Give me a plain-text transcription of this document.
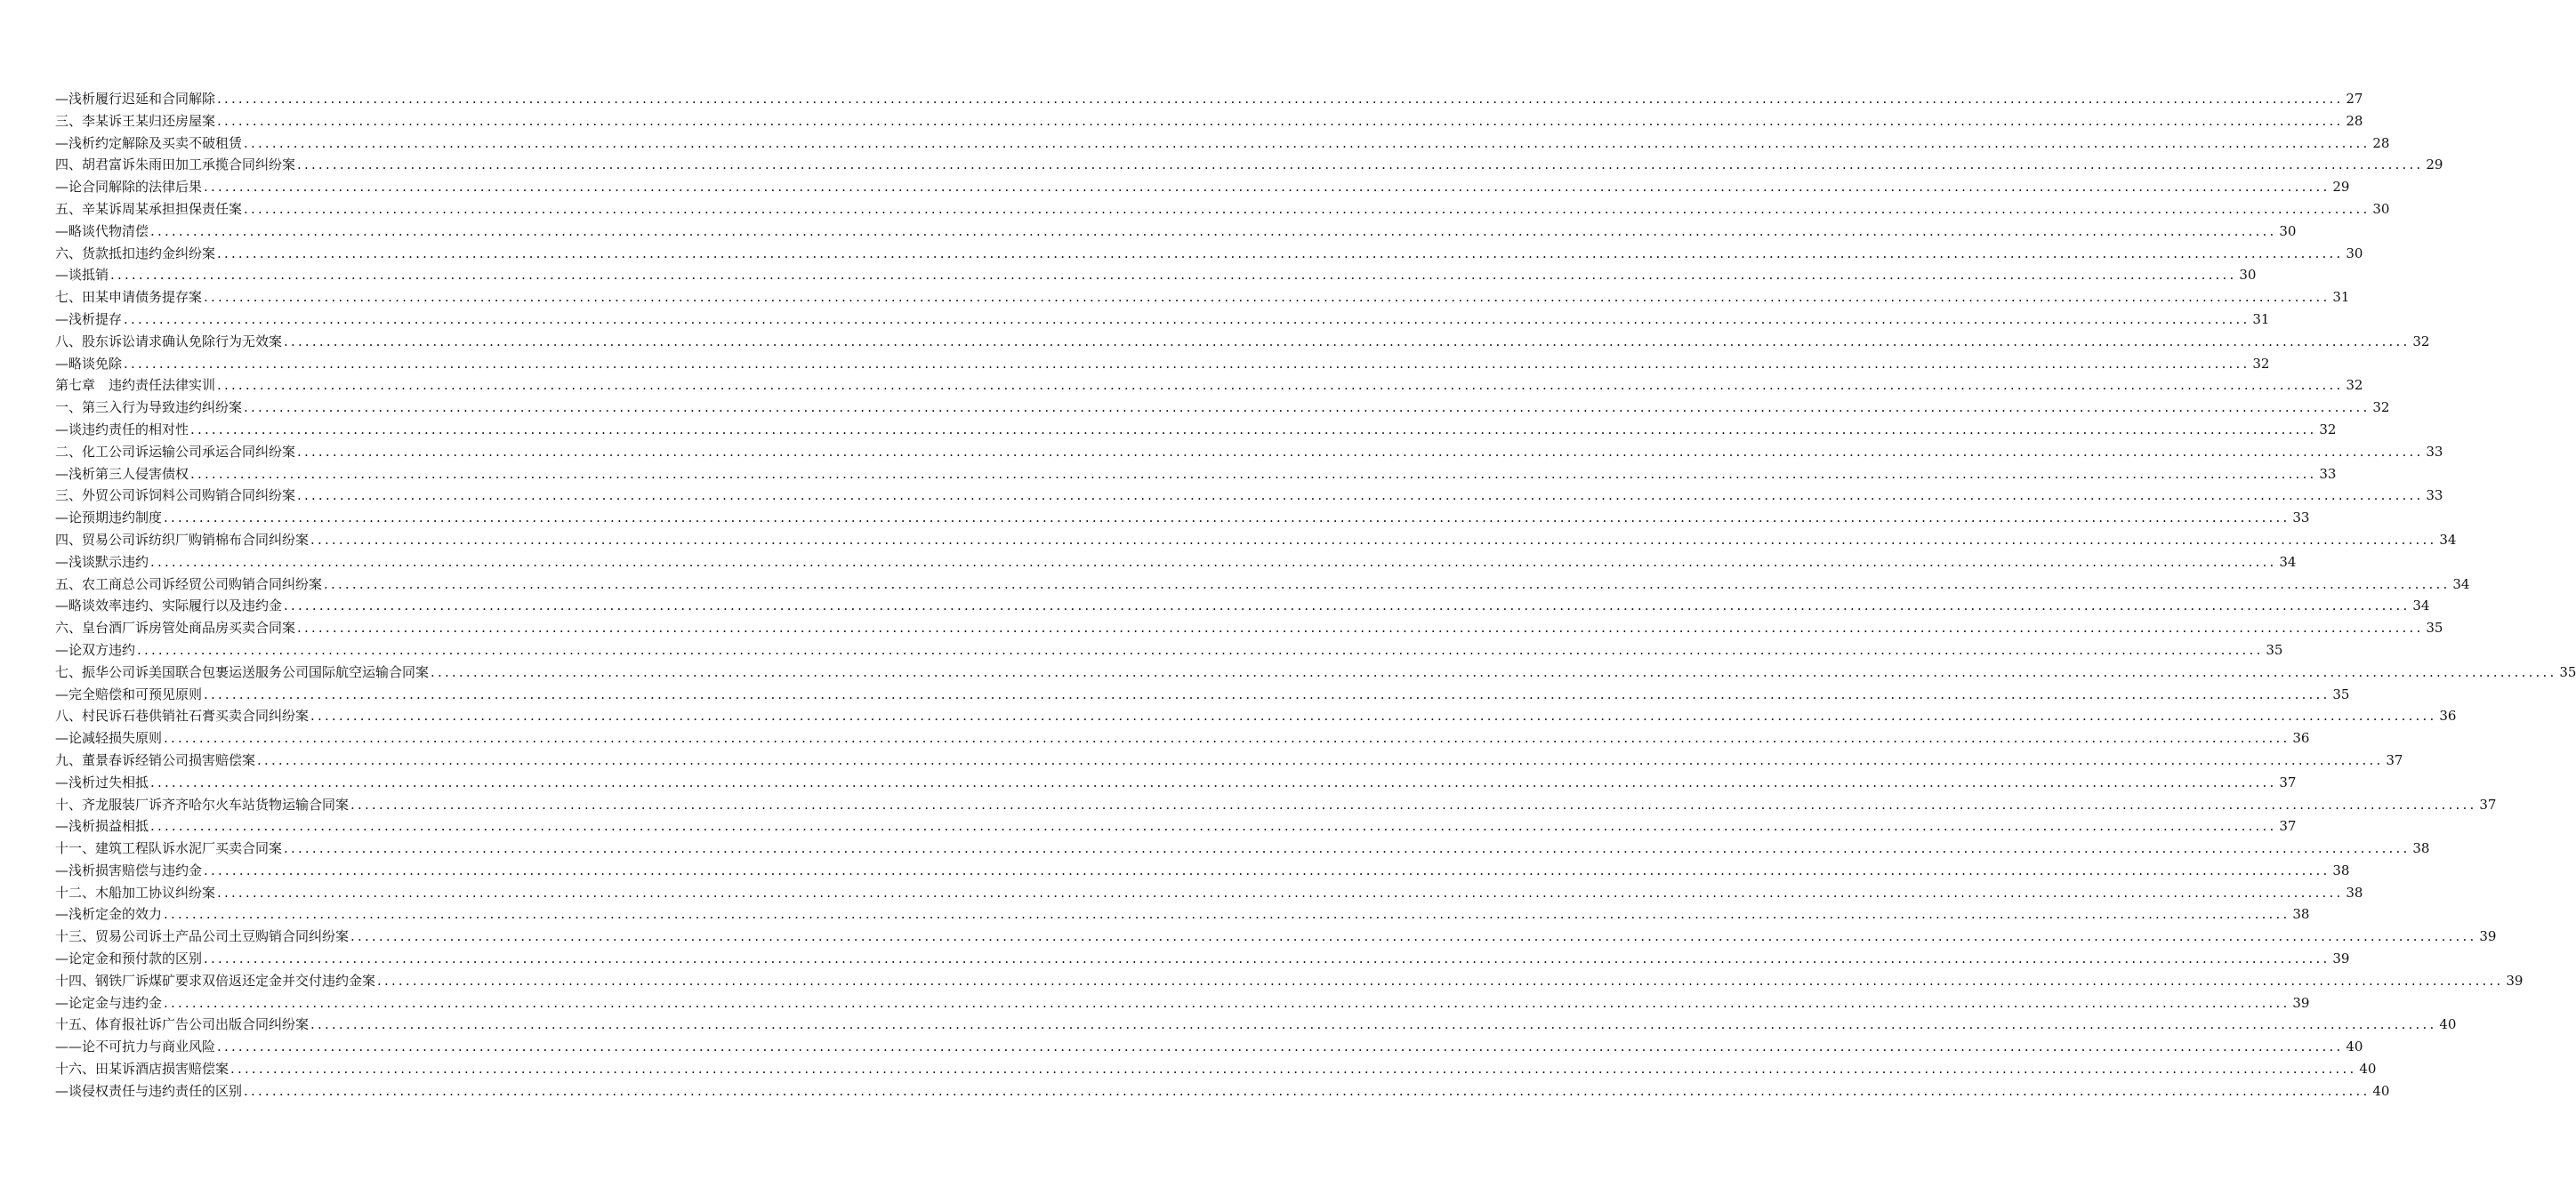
—浅析履行迟延和合同解除 ............................................................................................................................................................................................................................................................................................................ 27
三、李某诉王某归还房屋案 ............................................................................................................................................................................................................................................................................................................ 28
—浅析约定解除及买卖不破租赁 ............................................................................................................................................................................................................................................................................................................ 28
四、胡君富诉朱雨田加工承揽合同纠纷案 ............................................................................................................................................................................................................................................................................................................ 29
—论合同解除的法律后果 ............................................................................................................................................................................................................................................................................................................ 29
五、辛某诉周某承担担保责任案 ............................................................................................................................................................................................................................................................................................................ 30
—略谈代物清偿 ............................................................................................................................................................................................................................................................................................................ 30
六、货款抵扣违约金纠纷案 ............................................................................................................................................................................................................................................................................................................ 30
—谈抵销 ............................................................................................................................................................................................................................................................................................................ 30
七、田某申请债务提存案 ............................................................................................................................................................................................................................................................................................................ 31
—浅析提存 ............................................................................................................................................................................................................................................................................................................ 31
八、股东诉讼请求确认免除行为无效案 ............................................................................................................................................................................................................................................................................................................ 32
—略谈免除 ............................................................................................................................................................................................................................................................................................................ 32
第七章　违约责任法律实训 ............................................................................................................................................................................................................................................................................................................ 32
一、第三入行为导致违约纠纷案 ............................................................................................................................................................................................................................................................................................................ 32
—谈违约责任的相对性 ............................................................................................................................................................................................................................................................................................................ 32
二、化工公司诉运输公司承运合同纠纷案 ............................................................................................................................................................................................................................................................................................................ 33
—浅析第三人侵害债权 ............................................................................................................................................................................................................................................................................................................ 33
三、外贸公司诉饲料公司购销合同纠纷案 ............................................................................................................................................................................................................................................................................................................ 33
—论预期违约制度 ............................................................................................................................................................................................................................................................................................................ 33
四、贸易公司诉纺织厂购销棉布合同纠纷案 ............................................................................................................................................................................................................................................................................................................ 34
—浅谈默示违约 ............................................................................................................................................................................................................................................................................................................ 34
五、农工商总公司诉经贸公司购销合同纠纷案 ............................................................................................................................................................................................................................................................................................................ 34
—略谈效率违约、实际履行以及违约金 ............................................................................................................................................................................................................................................................................................................ 34
六、皇台酒厂诉房管处商品房买卖合同案 ............................................................................................................................................................................................................................................................................................................ 35
—论双方违约 ............................................................................................................................................................................................................................................................................................................ 35
七、振华公司诉美国联合包裹运送服务公司国际航空运输合同案 ............................................................................................................................................................................................................................................................................................................ 35
—完全赔偿和可预见原则 ............................................................................................................................................................................................................................................................................................................ 35
八、村民诉石巷供销社石膏买卖合同纠纷案 ............................................................................................................................................................................................................................................................................................................ 36
—论减轻损失原则 ............................................................................................................................................................................................................................................................................................................ 36
九、董景春诉经销公司损害赔偿案 ............................................................................................................................................................................................................................................................................................................ 37
—浅析过失相抵 ............................................................................................................................................................................................................................................................................................................ 37
十、齐龙服装厂诉齐齐哈尔火车站货物运输合同案 ............................................................................................................................................................................................................................................................................................................ 37
—浅析损益相抵 ............................................................................................................................................................................................................................................................................................................ 37
十一、建筑工程队诉水泥厂买卖合同案 ............................................................................................................................................................................................................................................................................................................ 38
—浅析损害赔偿与违约金 ............................................................................................................................................................................................................................................................................................................ 38
十二、木船加工协议纠纷案 ............................................................................................................................................................................................................................................................................................................ 38
—浅析定金的效力 ............................................................................................................................................................................................................................................................................................................ 38
十三、贸易公司诉土产品公司土豆购销合同纠纷案 ............................................................................................................................................................................................................................................................................................................ 39
—论定金和预付款的区别 ............................................................................................................................................................................................................................................................................................................ 39
十四、钢铁厂诉煤矿要求双倍返还定金并交付违约金案 ............................................................................................................................................................................................................................................................................................................ 39
—论定金与违约金 ............................................................................................................................................................................................................................................................................................................ 39
十五、体育报社诉广告公司出版合同纠纷案 ............................................................................................................................................................................................................................................................................................................ 40
——论不可抗力与商业风险 ............................................................................................................................................................................................................................................................................................................ 40
十六、田某诉酒店损害赔偿案 ............................................................................................................................................................................................................................................................................................................ 40
—谈侵权责任与违约责任的区别 ............................................................................................................................................................................................................................................................................................................ 40
